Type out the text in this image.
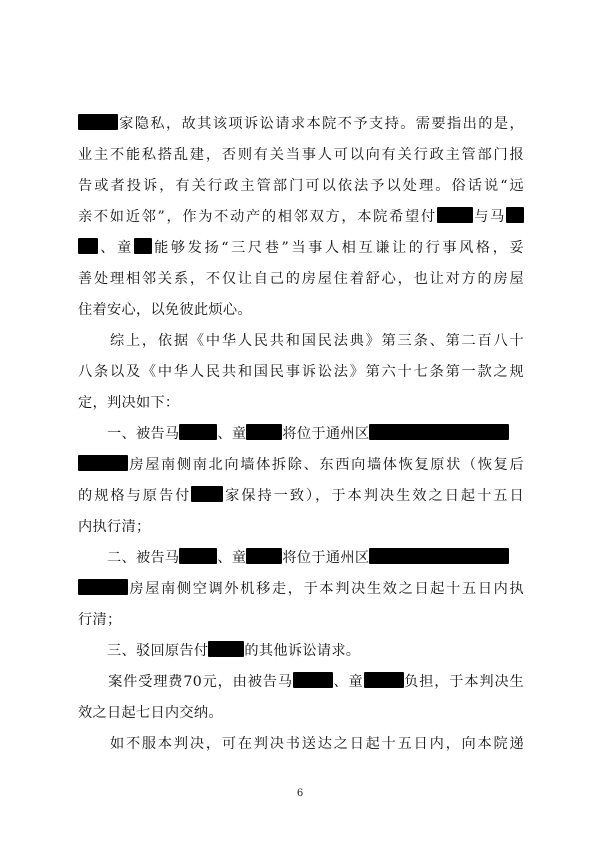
家隐私，故其该项诉讼请求本院不予支持。需要指出的是，
业主不能私搭乱建，否则有关当事人可以向有关行政主管部门报
告或者投诉，有关行政主管部门可以依法予以处理。俗话说“远
亲不如近邻”，作为不动产的相邻双方，本院希望付	与马
、童 能够发扬“三尺巷”当事人相互谦让的行事风格，妥
善处理相邻关系，不仅让自己的房屋住着舒心，也让对方的房屋
住着安心，以免彼此烦心。
　　综上，依据《中华人民共和国民法典》第三条、第二百八十
八条以及《中华人民共和国民事诉讼法》第六十七条第一款之规
定，判决如下：
　　一、被告马	、童	将位于通州区
房屋南侧南北向墙体拆除、东西向墙体恢复原状（恢复后
的规格与原告付 家保持一致），于本判决生效之日起十五日
内执行清；
　　二、被告马	、童	将位于通州区
房屋南侧空调外机移走，于本判决生效之日起十五日内执
行清；
　　三、驳回原告付	的其他诉讼请求。
　　案件受理费70元，由被告马	、童	负担，于本判决生
效之日起七日内交纳。
　　如不服本判决，可在判决书送达之日起十五日内，向本院递
6
